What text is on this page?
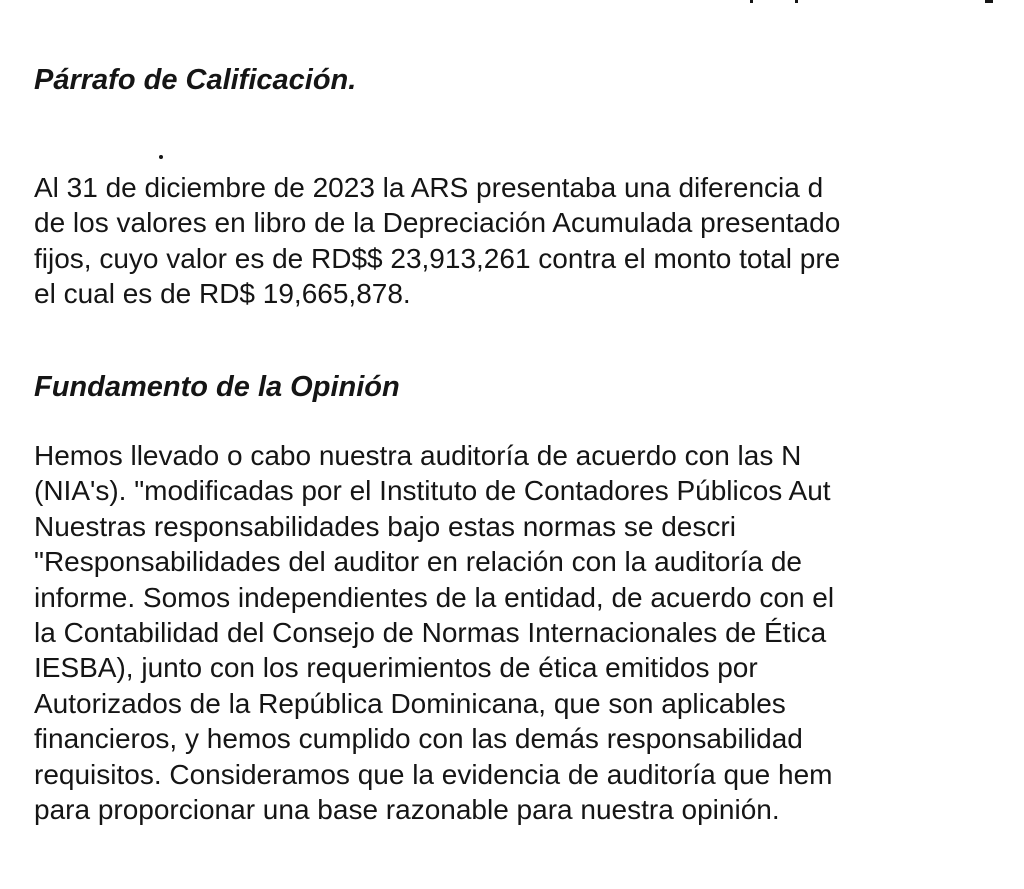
Párrafo de Calificación.

Al 31 de diciembre de 2023 la ARS presentaba una diferencia d
de los valores en libro de la Depreciación Acumulada presentado
fijos, cuyo valor es de RD$$ 23,913,261 contra el monto total pre
el cual es de RD$ 19,665,878.

Fundamento de la Opinión

Hemos llevado o cabo nuestra auditoría de acuerdo con las N
(NIA's). "modificadas por el Instituto de Contadores Públicos Aut
Nuestras responsabilidades bajo estas normas se descri
"Responsabilidades del auditor en relación con la auditoría de
informe. Somos independientes de la entidad, de acuerdo con el
la Contabilidad del Consejo de Normas Internacionales de Ética
IESBA), junto con los requerimientos de ética emitidos por
Autorizados de la República Dominicana, que son aplicables
financieros, y hemos cumplido con las demás responsabilidad
requisitos. Consideramos que la evidencia de auditoría que hem
para proporcionar una base razonable para nuestra opinión.
